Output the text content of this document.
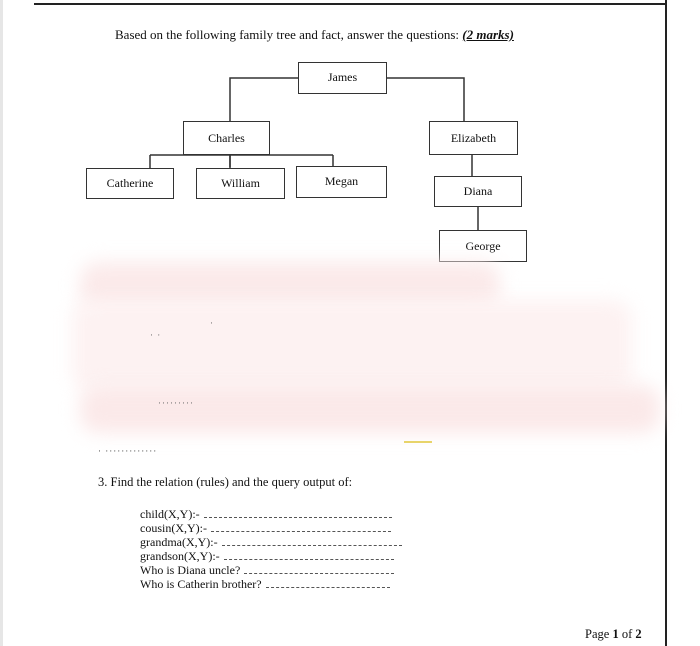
Based on the following family tree and fact, answer the questions: (2 marks)
James
Charles	Elizabeth
Catherine	William	Megan
Diana
George
· ·
·
·········
· ·············
3. Find the relation (rules) and the query output of:
child(X,Y):-
cousin(X,Y):-
grandma(X,Y):-
grandson(X,Y):-
Who is Diana uncle?
Who is Catherin brother?
Page 1 of 2
